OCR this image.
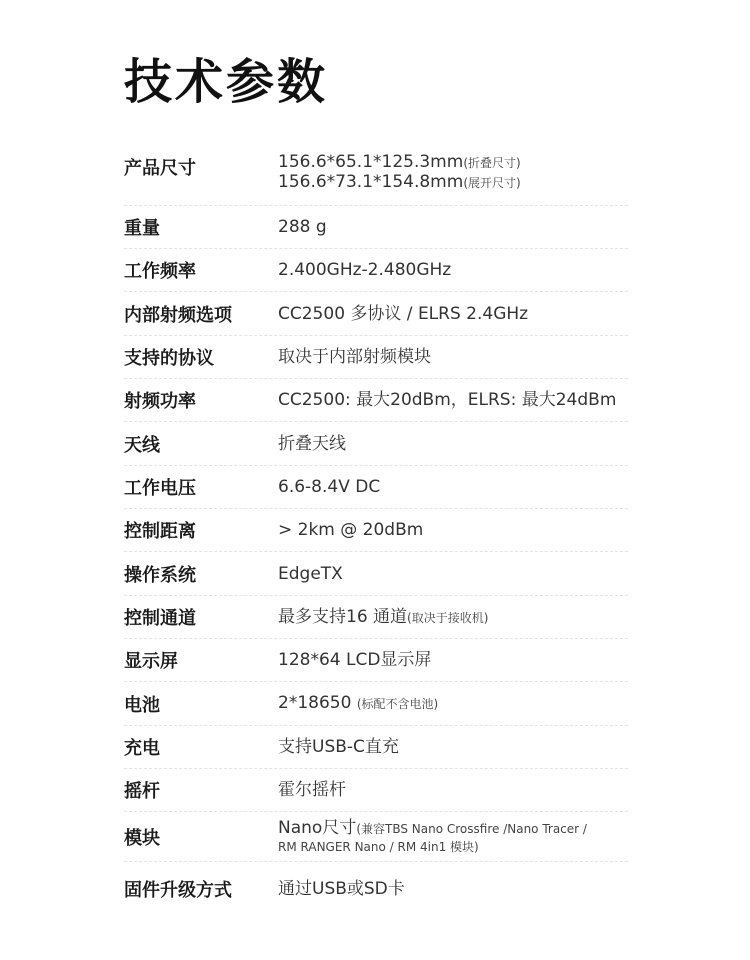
技术参数
产品尺寸	156.6*65.1*125.3mm(折叠尺寸)
156.6*73.1*154.8mm(展开尺寸)
重量	288 g
工作频率	2.400GHz-2.480GHz
内部射频选项	CC2500 多协议 / ELRS 2.4GHz
支持的协议	取决于内部射频模块
射频功率	CC2500: 最大20dBm，ELRS: 最大24dBm
天线	折叠天线
工作电压	6.6-8.4V DC
控制距离	> 2km @ 20dBm
操作系统	EdgeTX
控制通道	最多支持16 通道(取决于接收机)
显示屏	128*64 LCD显示屏
电池	2*18650 (标配不含电池)
充电	支持USB-C直充
摇杆	霍尔摇杆
模块	Nano尺寸(兼容TBS Nano Crossfire /Nano Tracer /
RM RANGER Nano / RM 4in1 模块)
固件升级方式	通过USB或SD卡
